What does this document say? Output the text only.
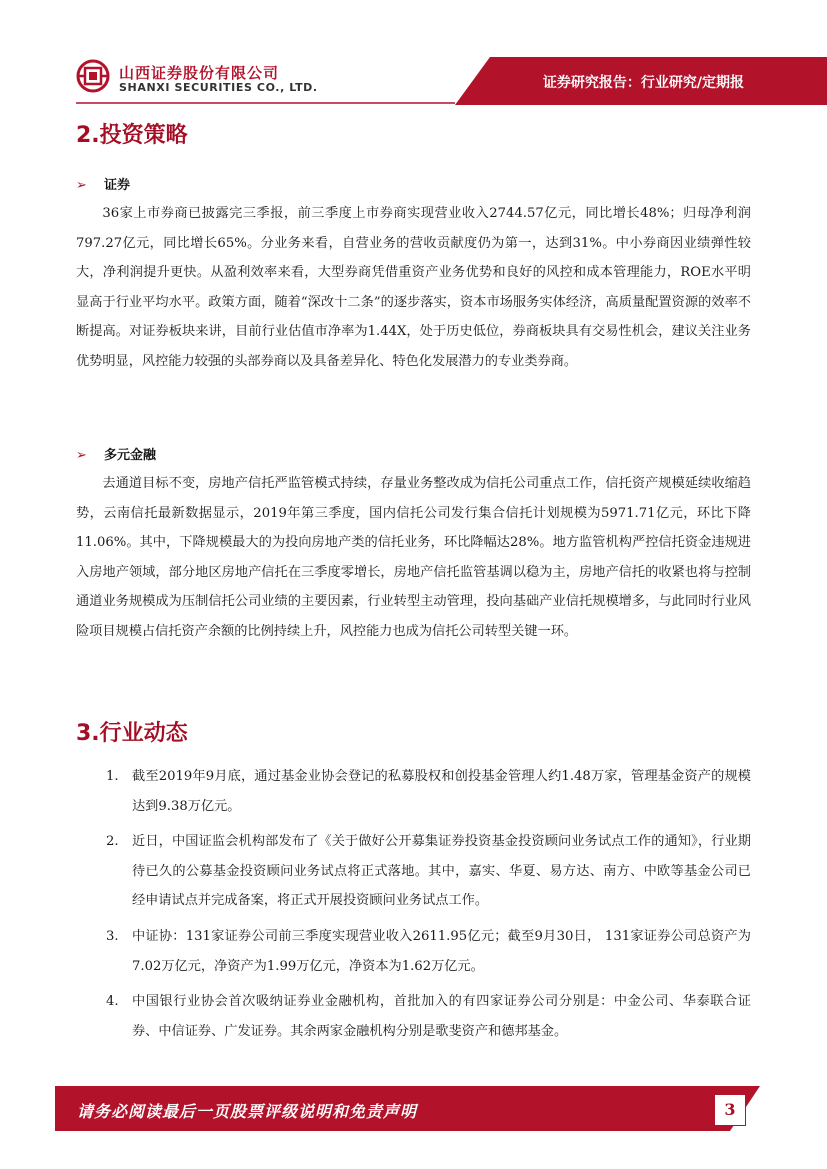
山西证券股份有限公司
SHANXI SECURITIES CO., LTD.	证券研究报告：行业研究/定期报
2.投资策略
➢ 证券

36家上市券商已披露完三季报，前三季度上市券商实现营业收入2744.57亿元，同比增长48%；归母净利润797.27亿元，同比增长65%。分业务来看，自营业务的营收贡献度仍为第一，达到31%。中小券商因业绩弹性较大，净利润提升更快。从盈利效率来看，大型券商凭借重资产业务优势和良好的风控和成本管理能力，ROE水平明显高于行业平均水平。政策方面，随着“深改十二条”的逐步落实，资本市场服务实体经济，高质量配置资源的效率不断提高。对证券板块来讲，目前行业估值市净率为1.44X，处于历史低位，券商板块具有交易性机会，建议关注业务优势明显，风控能力较强的头部券商以及具备差异化、特色化发展潜力的专业类券商。

➢ 多元金融

去通道目标不变，房地产信托严监管模式持续，存量业务整改成为信托公司重点工作，信托资产规模延续收缩趋势，云南信托最新数据显示，2019年第三季度，国内信托公司发行集合信托计划规模为5971.71亿元，环比下降11.06%。其中，下降规模最大的为投向房地产类的信托业务，环比降幅达28%。地方监管机构严控信托资金违规进入房地产领域，部分地区房地产信托在三季度零增长，房地产信托监管基调以稳为主，房地产信托的收紧也将与控制通道业务规模成为压制信托公司业绩的主要因素，行业转型主动管理，投向基础产业信托规模增多，与此同时行业风险项目规模占信托资产余额的比例持续上升，风控能力也成为信托公司转型关键一环。

3.行业动态
1. 截至2019年9月底，通过基金业协会登记的私募股权和创投基金管理人约1.48万家，管理基金资产的规模达到9.38万亿元。
2. 近日，中国证监会机构部发布了《关于做好公开募集证券投资基金投资顾问业务试点工作的通知》，行业期待已久的公募基金投资顾问业务试点将正式落地。其中，嘉实、华夏、易方达、南方、中欧等基金公司已经申请试点并完成备案，将正式开展投资顾问业务试点工作。
3. 中证协：131家证券公司前三季度实现营业收入2611.95亿元；截至9月30日， 131家证券公司总资产为7.02万亿元，净资产为1.99万亿元，净资本为1.62万亿元。
4. 中国银行业协会首次吸纳证券业金融机构，首批加入的有四家证券公司分别是：中金公司、华泰联合证券、中信证券、广发证券。其余两家金融机构分别是歌斐资产和德邦基金。
请务必阅读最后一页股票评级说明和免责声明	3
